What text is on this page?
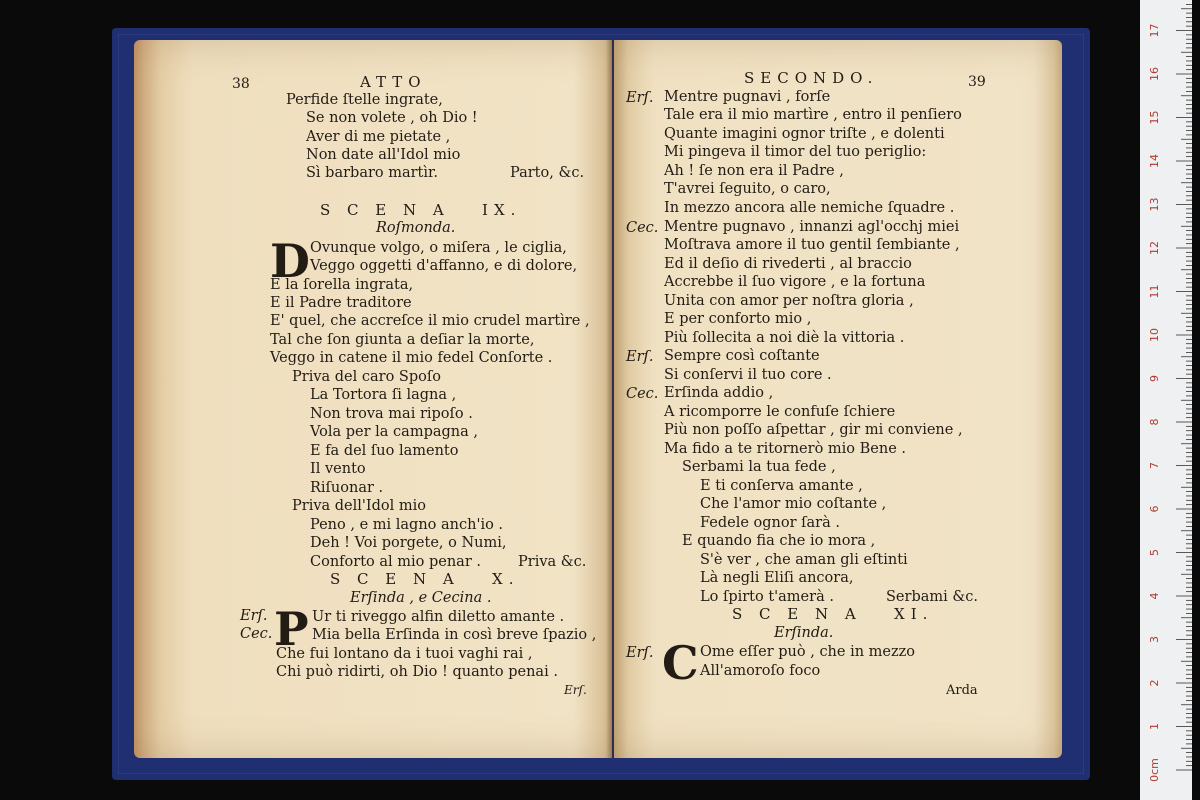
38	ATTO
Perfide ſtelle ingrate,
Se non volete , oh Dio !
Aver di me pietate ,
Non date all'Idol mio
Sì barbaro martìr.	Parto, &c.
S C E N A   IX.
Roſmonda.
D Ovunque volgo, o miſera , le ciglia,
Veggo oggetti d'affanno, e di dolore,
E la ſorella ingrata,
E il Padre traditore
E' quel, che accreſce il mio crudel martìre ,
Tal che ſon giunta a deſiar la morte,
Veggo in catene il mio fedel Conſorte .
Priva del caro Spoſo
La Tortora ſi lagna ,
Non trova mai ripoſo .
Vola per la campagna ,
E fa del ſuo lamento
Il vento
Riſuonar .
Priva dell'Idol mio
Peno , e mi lagno anch'io .
Deh ! Voi porgete, o Numi,
Conforto al mio penar .	Priva &c.
S C E N A   X.
Erſinda , e Cecina .
Erſ.
Cec. P Ur ti riveggo alfin diletto amante .
Mia bella Erſinda in così breve ſpazio ,
Che fui lontano da i tuoi vaghi rai ,
Chi può ridirti, oh Dio ! quanto penai .
Erſ.
SECONDO.	39
Erſ. Mentre pugnavi , forſe
Tale era il mio martìre , entro il penſiero
Quante imagini ognor triſte , e dolenti
Mi pingeva il timor del tuo periglio:
Ah ! ſe non era il Padre ,
T'avrei ſeguito, o caro,
In mezzo ancora alle nemiche ſquadre .
Cec. Mentre pugnavo , innanzi agl'occhj miei
Moſtrava amore il tuo gentil ſembiante ,
Ed il deſio di rivederti , al braccio
Accrebbe il ſuo vigore , e la fortuna
Unita con amor per noſtra gloria ,
E per conforto mio ,
Più ſollecita a noi diè la vittoria .
Erſ. Sempre così coſtante
Si conſervi il tuo core .
Cec. Erſinda addio ,
A ricomporre le confuſe ſchiere
Più non poſſo aſpettar , gir mi conviene ,
Ma fido a te ritornerò mio Bene .
Serbami la tua fede ,
E ti conſerva amante ,
Che l'amor mio coſtante ,
Fedele ognor ſarà .
E quando fia che io mora ,
S'è ver , che aman gli eſtinti
Là negli Eliſi ancora,
Lo ſpirto t'amerà .	Serbami &c.
S C E N A   XI.
Erſinda.
Erſ. C Ome eſſer può , che in mezzo
All'amoroſo foco
Arda
0cm
1
2
3
4
5
6
7
8
9
10
11
12
13
14
15
16
17
